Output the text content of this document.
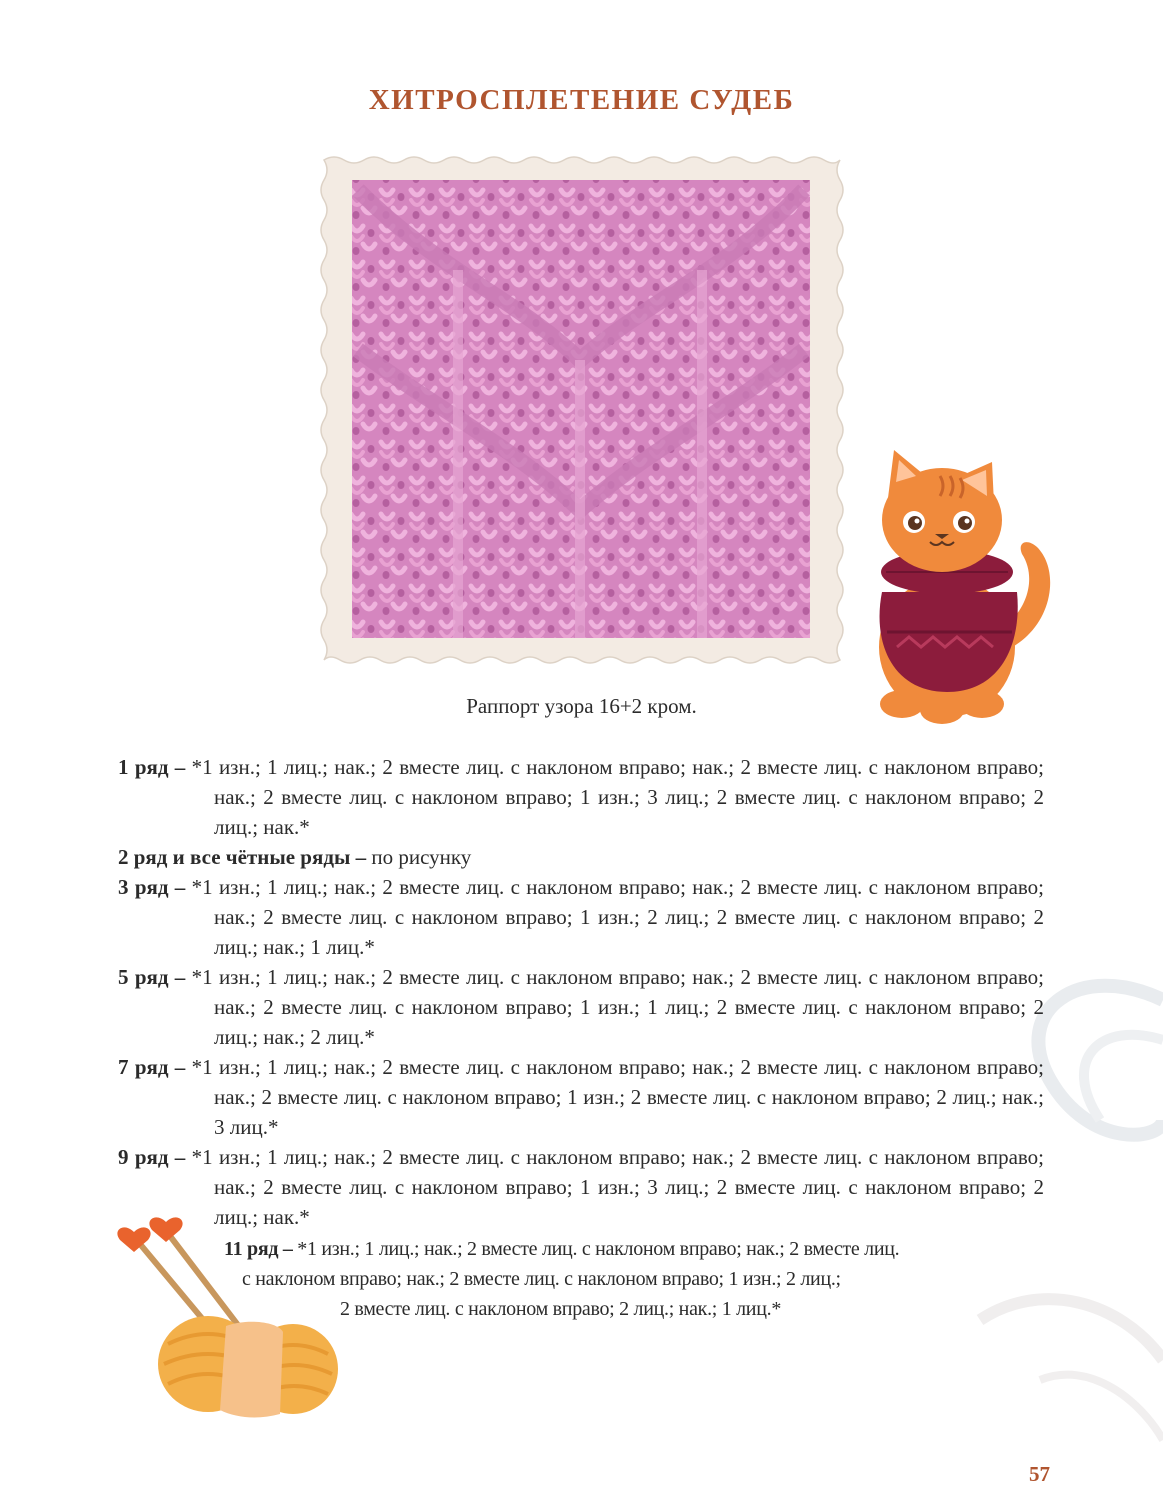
ХИТРОСПЛЕТЕНИЕ СУДЕБ
Раппорт узора 16+2 кром.

1 ряд – *1 изн.; 1 лиц.; нак.; 2 вместе лиц. с наклоном вправо; нак.; 2 вместе лиц. с наклоном вправо; нак.; 2 вместе лиц. с наклоном вправо; 1 изн.; 3 лиц.; 2 вместе лиц. с наклоном вправо; 2 лиц.; нак.*

2 ряд и все чётные ряды – по рисунку

3 ряд – *1 изн.; 1 лиц.; нак.; 2 вместе лиц. с наклоном вправо; нак.; 2 вместе лиц. с наклоном вправо; нак.; 2 вместе лиц. с наклоном вправо; 1 изн.; 2 лиц.; 2 вместе лиц. с наклоном вправо; 2 лиц.; нак.; 1 лиц.*

5 ряд – *1 изн.; 1 лиц.; нак.; 2 вместе лиц. с наклоном вправо; нак.; 2 вместе лиц. с наклоном вправо; нак.; 2 вместе лиц. с наклоном вправо; 1 изн.; 1 лиц.; 2 вместе лиц. с наклоном вправо; 2 лиц.; нак.; 2 лиц.*

7 ряд – *1 изн.; 1 лиц.; нак.; 2 вместе лиц. с наклоном вправо; нак.; 2 вместе лиц. с наклоном вправо; нак.; 2 вместе лиц. с наклоном вправо; 1 изн.; 2 вместе лиц. с наклоном вправо; 2 лиц.; нак.; 3 лиц.*

9 ряд – *1 изн.; 1 лиц.; нак.; 2 вместе лиц. с наклоном вправо; нак.; 2 вместе лиц. с наклоном вправо; нак.; 2 вместе лиц. с наклоном вправо; 1 изн.; 3 лиц.; 2 вместе лиц. с наклоном вправо; 2 лиц.; нак.*

11 ряд – *1 изн.; 1 лиц.; нак.; 2 вместе лиц. с наклоном вправо; нак.; 2 вместе лиц.
с наклоном вправо; нак.; 2 вместе лиц. с наклоном вправо; 1 изн.; 2 лиц.;
2 вместе лиц. с наклоном вправо; 2 лиц.; нак.; 1 лиц.*
57
